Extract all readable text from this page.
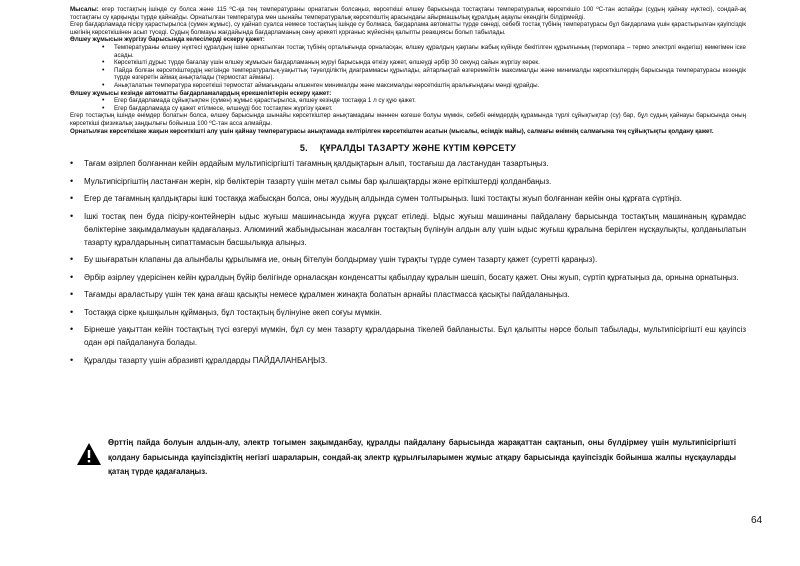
Мысалы: егер тостақтың ішінде су болса және 115 ºС-қа тең температураны орнататын болсаңыз, көрсеткіші өлшеу барысында тостақтағы температуралық көрсеткішіо 100 ºС-тан аспайды (судың қайнау нүктесі), сондай-ақ тостақтағы су қарқынды түрде қайнайды. Орнатылған температура мен шынайы температуралық көрсеткіштің арасындағы айырмашылық құралдың ақаулы екендігін білдірмейді.

Егер бағдарламада пісіру қарастырылса (сумен жұмыс), су қайнап суалса немесе тостақтың ішінде су болмаса, бағдарлама автоматты түрде сөнеді, себебі тостақ түбінің температурасы бұл бағдарлама үшін қарастырылған қауіпсіздік шегінің көрсеткішінен асып түседі. Судың болмауы жағдайында бағдарламаның сөну әрекеті қорғаныс жүйесінің қалыпты реакциясы болып табылады.

Өлшеу жұмысын жүргізу барысында келесілерді ескеру қажет:

• Температураны өлшеу нүктесі құралдың ішіне орнатылған тостақ түбінің орталығында орналасқан, өлшеу құралдың қақпағы жабық күйінде бекітілген құрылғының (термопара – термо электрлі өндегіш) көмегімен іске асады.
• Көрсеткішті дұрыс түрде бағалау үшін өлшеу жұмысын бағдарламаның жүруі барысында өткізу қажет, өлшеуді әрбір 30 секунд сайын жүргізу керек.
• Пайда болған көрсеткіштердің негізінде температуралық-уақыттық тәуелділіктің диаграммасы құрылады, айтарлықтай өзгеремейтін максималды және минималды көрсеткіштердің барысында температурасы кезеңдік түрде өзгеретін аймақ анықталады (термостат аймағы).
• Анықталатын температура көрсеткіші термостат аймағындағы өлшенген минималды және максималды көрсеткіштің аралығындағы мәнді құрайды.

Өлшеу жұмысы кезінде автоматты бағдарламалардың ерекшеліктерін ескеру қажет:

• Егер бағдарламада сұйықтықпен (сумен) жұмыс қарастырылса, өлшеу кезінде тостаққа 1 л су құю қажет.
• Егер бағдарламада су қажет етілмесе, өлшеуді бос тостақпен жүргізу қажет.

Егер тостақтың ішінде өнімдер болатын болса, өлшеу барысында шынайы көрсеткіштер анықтамадағы мәннен өзгеше болуы мүмкін, себебі өнімдердің құрамында түрлі сұйықтықтар (су) бар, бұл судың қайнауы барысында оның көрсеткіші физикалық заңдылығы бойынша 100 ºС-тан асса алмайды.

Орнатылған көрсеткішке жақын көрсеткішті алу үшін қайнау температурасы анықтамада келтірілген көрсеткіштен асатын (мысалы, өсімдік майы), салмағы өнімнің салмағына тең сұйықтықты қолдану қажет.

5. ҚҰРАЛДЫ ТАЗАРТУ ЖӘНЕ КҮТІМ КӨРСЕТУ
• Тағам әзірлеп болғаннан кейін әрдайым мультипісіргішті тағамның қалдықтарын алып, тостағыш да ластанудан тазартыңыз.
• Мультипісіргіштің ластанған жерін, кір бөліктерін тазарту үшін метал сымы бар қылшақтарды және еріткіштерді қолданбаңыз.
• Егер де тағамның қалдықтары ішкі тостаққа жабысқан болса, оны жуудың алдында сумен толтырыңыз. Ішкі тостақты жуып болғаннан кейін оны құрғата сүртіңіз.
• Ішкі тостақ пен буда пісіру-контейнерін ыдыс жуғыш машинасында жууға рұқсат етіледі. Ыдыс жуғыш машинаны пайдалану барысында тостақтың машинаның құрамдас бөліктеріне зақымдалмауын қадағалаңыз. Алюминий жабындысынан жасалған тостақтың бүлінуін алдын алу үшін ыдыс жуғыш құралына берілген нұсқаулықты, қолданылатын тазарту құралдарының сипаттамасын басшылыққа алыңыз.
• Бу шығаратын клапаны да алынбалы құрылымға ие, оның бітелуін болдырмау үшін тұрақты түрде сумен тазарту қажет (суретті қараңыз).
• Әрбір әзірлеу үдерісінен кейін құралдың бүйір бөлігінде орналасқан конденсатты қабылдау құралын шешіп, босату қажет. Оны жуып, сүртіп құрғатыңыз да, орнына орнатыңыз.
• Тағамды араластыру үшін тек қана ағаш қасықты немесе құралмен жинақта болатын арнайы пластмасса қасықты пайдаланыңыз.
• Тостаққа сірке қышқылын құймаңыз, бұл тостақтың бүлінуіне әкеп соғуы мүмкін.
• Бірнеше уақыттан кейін тостақтың түсі өзгеруі мүмкін, бұл су мен тазарту құралдарына тікелей байланысты. Бұл қалыпты нәрсе болып табылады, мультипісіргішті еш қауіпсіз одан әрі пайдалануға болады.
• Құралды тазарту үшін абразивті құралдарды ПАЙДАЛАНБАҢЫЗ.
Өрттің пайда болуын алдын-алу, электр тогымен зақымданбау, құралды пайдалану барысында жарақаттан сақтанып, оны бүлдірмеу үшін мультипісіргішті қолдану барысында қауіпсіздіктің негізгі шараларын, сондай-ақ электр құрылғыларымен жұмыс атқару барысында қауіпсіздік бойынша жалпы нұсқауларды қатаң түрде қадағалаңыз.
64
